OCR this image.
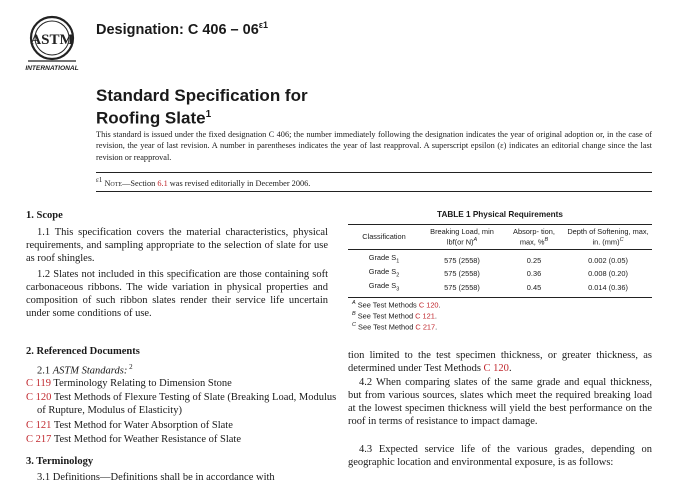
ASTM
INTERNATIONAL
Designation: C $406 - 06^{\varepsilon 1}$
Standard Specification for
Roofing Slate$^1$
This standard is issued under the fixed designation C 406; the number immediately following the designation indicates the year of original adoption or, in the case of revision, the year of last revision. A number in parentheses indicates the year of last reapproval. A superscript epsilon (ε) indicates an editorial change since the last revision or reapproval.
$^{\varepsilon 1}$ Note—Section 6.1 was revised editorially in December 2006.
1. Scope
1.1 This specification covers the material characteristics, physical requirements, and sampling appropriate to the selection of slate for use as roof shingles.
1.2 Slates not included in this specification are those containing soft carbonaceous ribbons. The wide variation in physical properties and composition of such ribbon slates render their service life uncertain under some conditions of use.
2. Referenced Documents
2.1 ASTM Standards: $^2$
C 119 Terminology Relating to Dimension Stone
C 120 Test Methods of Flexure Testing of Slate (Breaking Load, Modulus of Rupture, Modulus of Elasticity)
C 121 Test Method for Water Absorption of Slate
C 217 Test Method for Weather Resistance of Slate
3. Terminology
3.1 Definitions—Definitions shall be in accordance with
TABLE 1 Physical Requirements
Classification	Breaking Load, min lbf(or N)$^A$	Absorp- tion, max, %$^B$	Depth of Softening, max, in. (mm)$^C$
Grade $S_1$	575 (2558)	0.25	0.002 (0.05)
Grade $S_2$	575 (2558)	0.36	0.008 (0.20)
Grade $S_3$	575 (2558)	0.45	0.014 (0.36)
$^A$ See Test Methods C 120.
$^B$ See Test Method C 121.
$^C$ See Test Method C 217.
tion limited to the test specimen thickness, or greater thickness, as determined under Test Methods C 120.
4.2 When comparing slates of the same grade and equal thickness, but from various sources, slates which meet the required breaking load at the lowest specimen thickness will yield the best performance on the roof in terms of resistance to impact damage.
4.3 Expected service life of the various grades, depending on geographic location and environmental exposure, is as follows:
